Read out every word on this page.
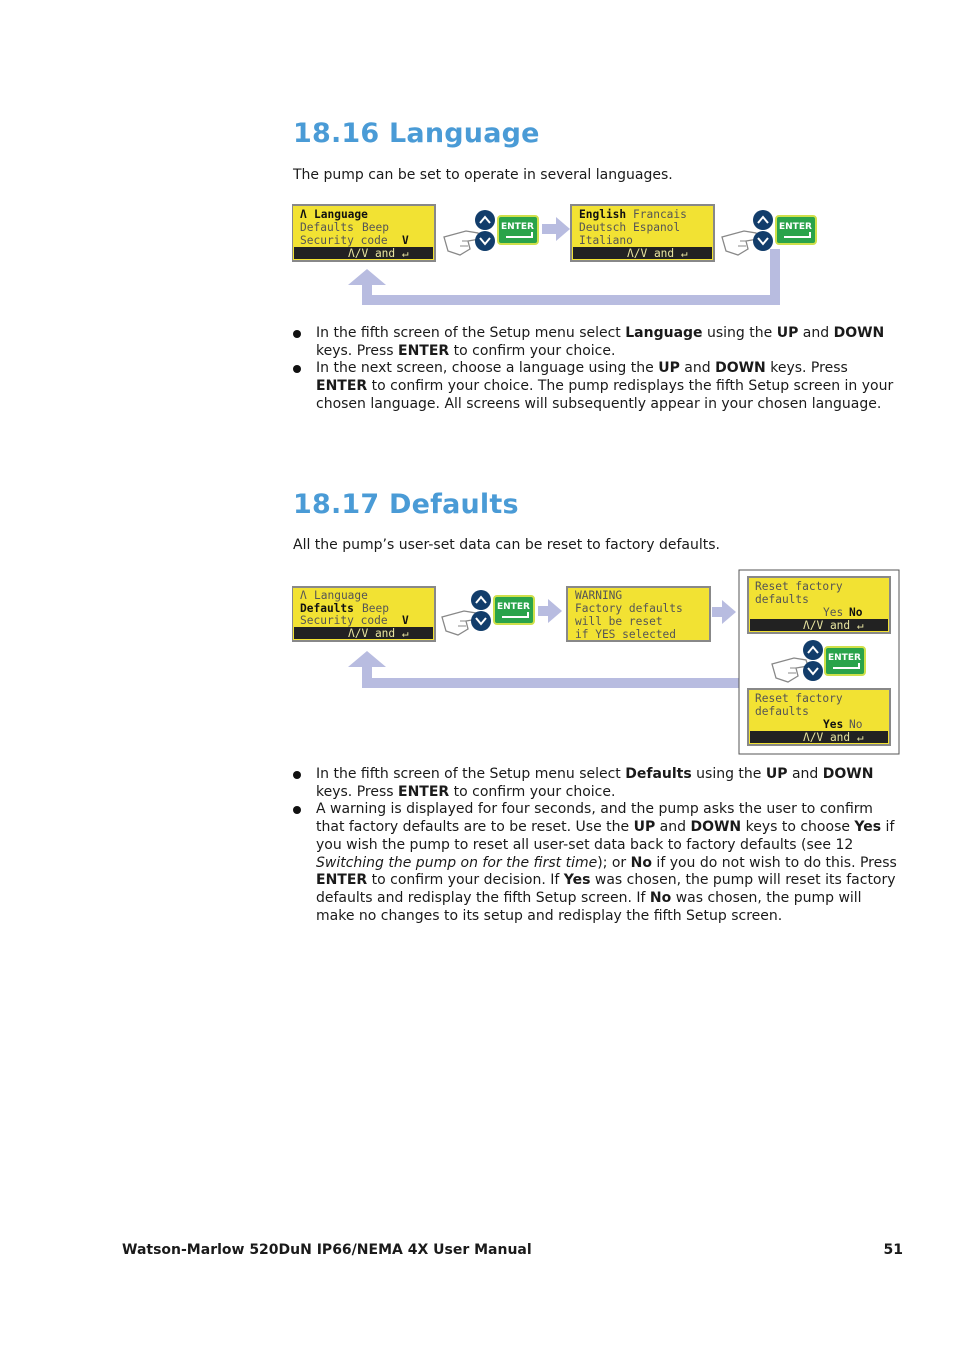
18.16 Language

The pump can be set to operate in several languages.

Λ Language
Defaults Beep
Security code V
Λ/V and ↵
ENTER
English Francais
Deutsch Espanol
Italiano
Λ/V and ↵
ENTER
In the fifth screen of the Setup menu select Language using the UP and DOWN keys. Press ENTER to confirm your choice.
In the next screen, choose a language using the UP and DOWN keys. Press ENTER to confirm your choice. The pump redisplays the fifth Setup screen in your chosen language. All screens will subsequently appear in your chosen language.
18.17 Defaults

All the pump’s user-set data can be reset to factory defaults.

Λ Language
Defaults Beep
Security code V
Λ/V and ↵
ENTER
WARNING
Factory defaults
will be reset
if YES selected
Reset factory
defaults
Yes No
Λ/V and ↵
ENTER
Reset factory
defaults
Yes No
Λ/V and ↵
In the fifth screen of the Setup menu select Defaults using the UP and DOWN keys. Press ENTER to confirm your choice.
A warning is displayed for four seconds, and the pump asks the user to confirm that factory defaults are to be reset. Use the UP and DOWN keys to choose Yes if you wish the pump to reset all user-set data back to factory defaults (see 12 Switching the pump on for the first time); or No if you do not wish to do this. Press ENTER to confirm your decision. If Yes was chosen, the pump will reset its factory defaults and redisplay the fifth Setup screen. If No was chosen, the pump will make no changes to its setup and redisplay the fifth Setup screen.
Watson-Marlow 520DuN IP66/NEMA 4X User Manual	51
